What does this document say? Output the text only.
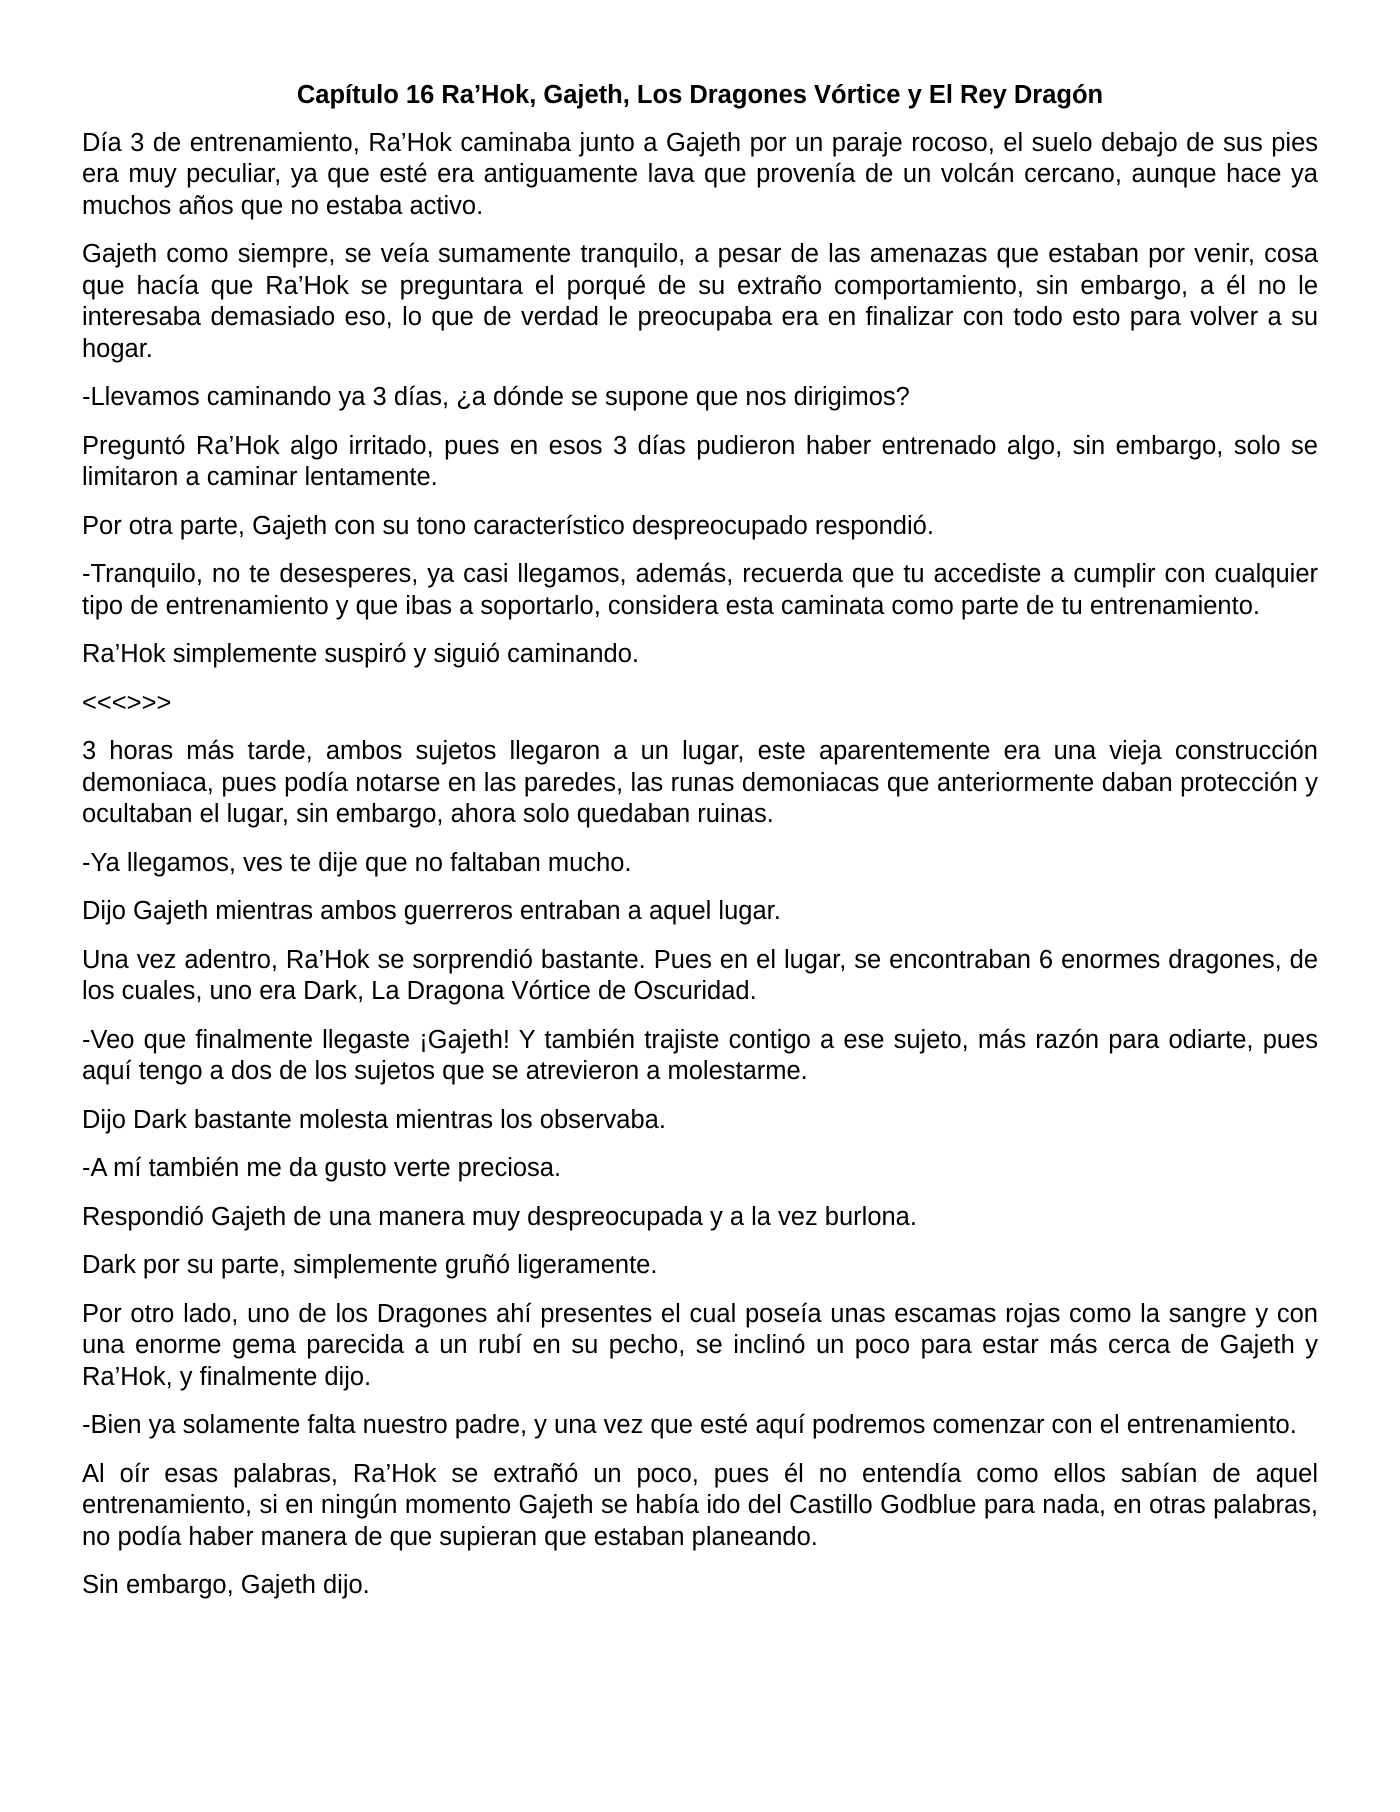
Capítulo 16 Ra’Hok, Gajeth, Los Dragones Vórtice y El Rey Dragón

Día 3 de entrenamiento, Ra’Hok caminaba junto a Gajeth por un paraje rocoso, el suelo debajo de sus pies era muy peculiar, ya que esté era antiguamente lava que provenía de un volcán cercano, aunque hace ya muchos años que no estaba activo.

Gajeth como siempre, se veía sumamente tranquilo, a pesar de las amenazas que estaban por venir, cosa que hacía que Ra’Hok se preguntara el porqué de su extraño comportamiento, sin embargo, a él no le interesaba demasiado eso, lo que de verdad le preocupaba era en finalizar con todo esto para volver a su hogar.

-Llevamos caminando ya 3 días, ¿a dónde se supone que nos dirigimos?

Preguntó Ra’Hok algo irritado, pues en esos 3 días pudieron haber entrenado algo, sin embargo, solo se limitaron a caminar lentamente.

Por otra parte, Gajeth con su tono característico despreocupado respondió.

-Tranquilo, no te desesperes, ya casi llegamos, además, recuerda que tu accediste a cumplir con cualquier tipo de entrenamiento y que ibas a soportarlo, considera esta caminata como parte de tu entrenamiento.

Ra’Hok simplemente suspiró y siguió caminando.

<<<>>>

3 horas más tarde, ambos sujetos llegaron a un lugar, este aparentemente era una vieja construcción demoniaca, pues podía notarse en las paredes, las runas demoniacas que anteriormente daban protección y ocultaban el lugar, sin embargo, ahora solo quedaban ruinas.

-Ya llegamos, ves te dije que no faltaban mucho.

Dijo Gajeth mientras ambos guerreros entraban a aquel lugar.

Una vez adentro, Ra’Hok se sorprendió bastante. Pues en el lugar, se encontraban 6 enormes dragones, de los cuales, uno era Dark, La Dragona Vórtice de Oscuridad.

-Veo que finalmente llegaste ¡Gajeth! Y también trajiste contigo a ese sujeto, más razón para odiarte, pues aquí tengo a dos de los sujetos que se atrevieron a molestarme.

Dijo Dark bastante molesta mientras los observaba.

-A mí también me da gusto verte preciosa.

Respondió Gajeth de una manera muy despreocupada y a la vez burlona.

Dark por su parte, simplemente gruñó ligeramente.

Por otro lado, uno de los Dragones ahí presentes el cual poseía unas escamas rojas como la sangre y con una enorme gema parecida a un rubí en su pecho, se inclinó un poco para estar más cerca de Gajeth y Ra’Hok, y finalmente dijo.

-Bien ya solamente falta nuestro padre, y una vez que esté aquí podremos comenzar con el entrenamiento.

Al oír esas palabras, Ra’Hok se extrañó un poco, pues él no entendía como ellos sabían de aquel entrenamiento, si en ningún momento Gajeth se había ido del Castillo Godblue para nada, en otras palabras, no podía haber manera de que supieran que estaban planeando.

Sin embargo, Gajeth dijo.
